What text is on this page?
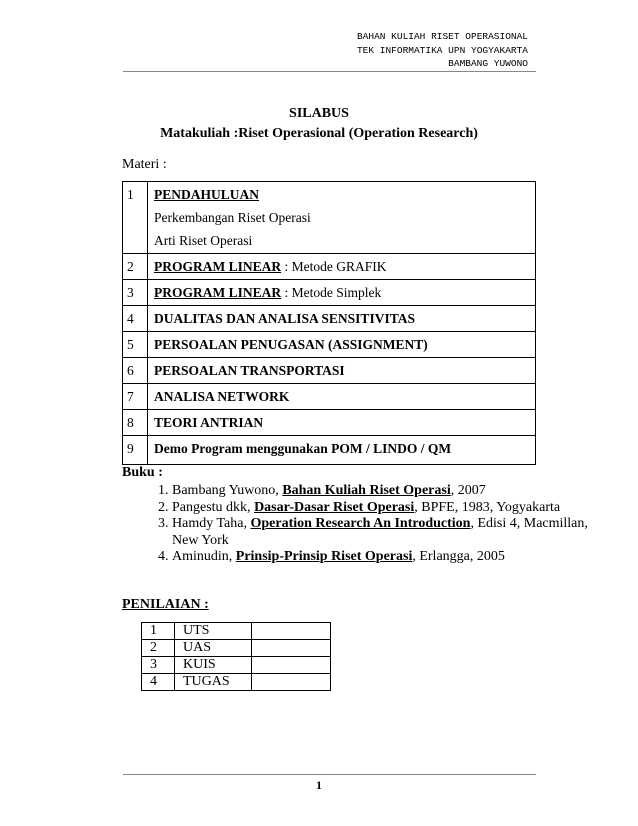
BAHAN KULIAH RISET OPERASIONAL
TEK INFORMATIKA UPN YOGYAKARTA
BAMBANG YUWONO
SILABUS
Matakuliah :Riset Operasional (Operation Research)
Materi :
1	PENDAHULUAN
Perkembangan Riset Operasi
Arti Riset Operasi

2	PROGRAM LINEAR : Metode GRAFIK
3	PROGRAM LINEAR : Metode Simplek
4	DUALITAS DAN ANALISA SENSITIVITAS
5	PERSOALAN PENUGASAN (ASSIGNMENT)
6	PERSOALAN TRANSPORTASI
7	ANALISA NETWORK
8	TEORI ANTRIAN
9	Demo Program menggunakan POM / LINDO / QM
Buku :
1. Bambang Yuwono, Bahan Kuliah Riset Operasi, 2007
2. Pangestu dkk, Dasar-Dasar Riset Operasi, BPFE, 1983, Yogyakarta
3. Hamdy Taha, Operation Research An Introduction, Edisi 4, Macmillan, New York
4. Aminudin, Prinsip-Prinsip Riset Operasi, Erlangga, 2005
PENILAIAN :
1	UTS	
2	UAS	
3	KUIS	
4	TUGAS	
1
